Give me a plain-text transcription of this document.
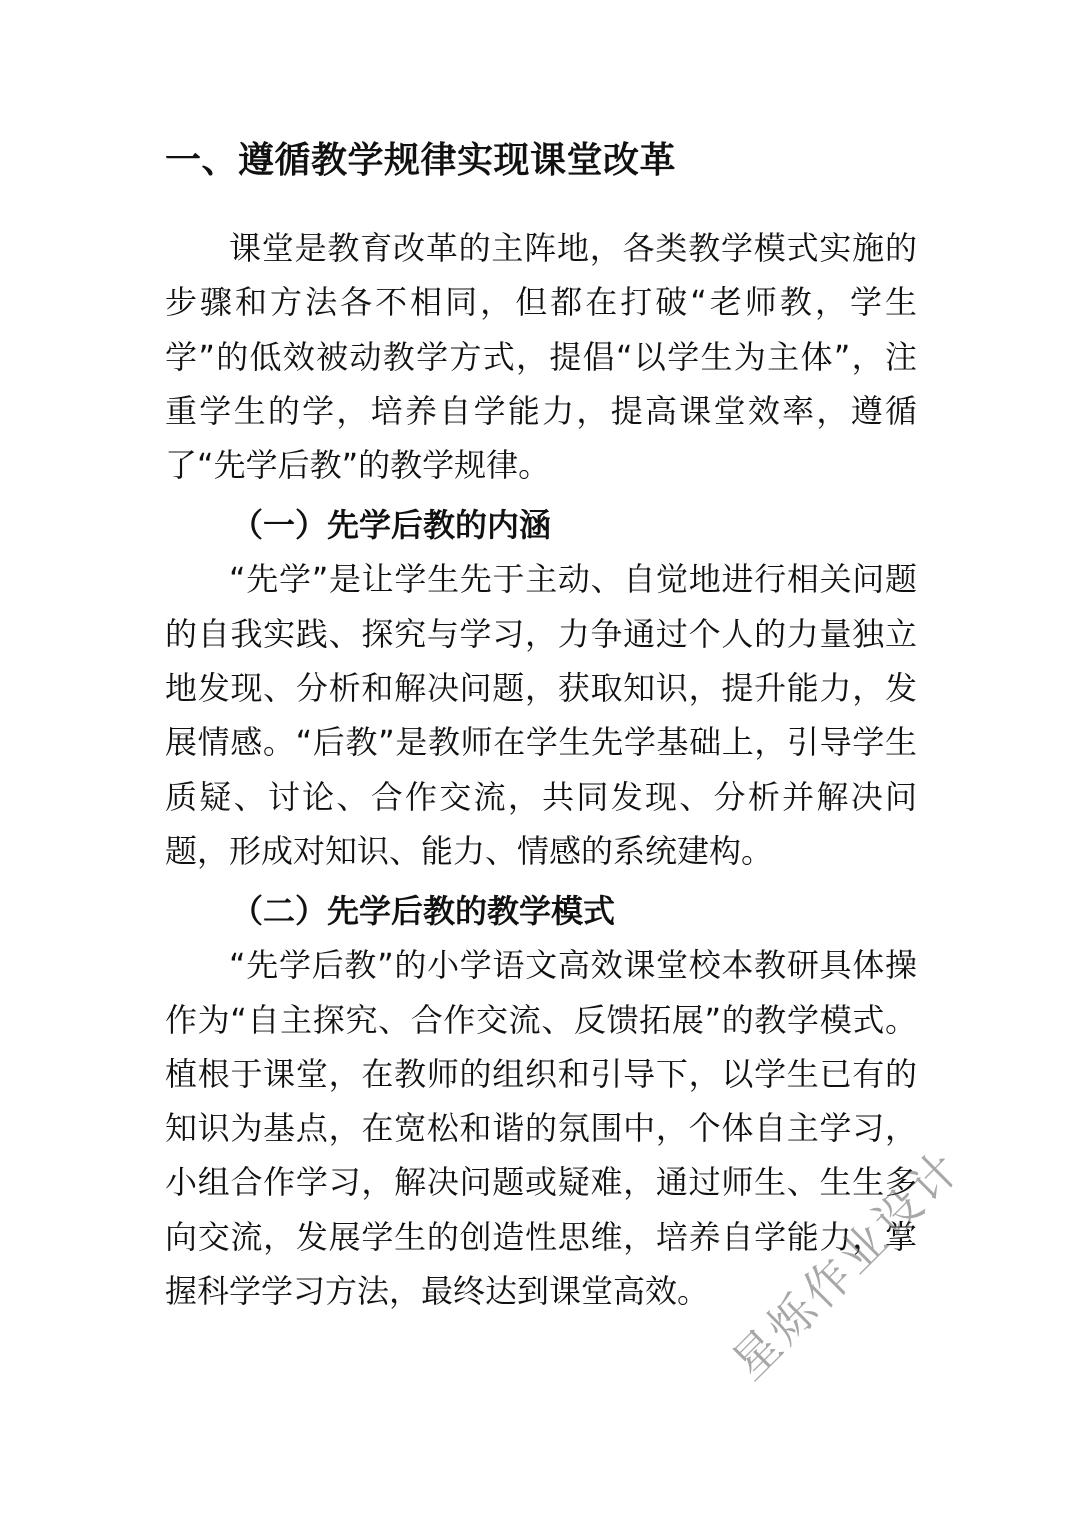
一、遵循教学规律实现课堂改革

课堂是教育改革的主阵地，各类教学模式实施的步骤和方法各不相同，但都在打破“老师教，学生学”的低效被动教学方式，提倡“以学生为主体”，注重学生的学，培养自学能力，提高课堂效率，遵循了“先学后教”的教学规律。

（一）先学后教的内涵

“先学”是让学生先于主动、自觉地进行相关问题的自我实践、探究与学习，力争通过个人的力量独立地发现、分析和解决问题，获取知识，提升能力，发展情感。“后教”是教师在学生先学基础上，引导学生质疑、讨论、合作交流，共同发现、分析并解决问题，形成对知识、能力、情感的系统建构。

（二）先学后教的教学模式

“先学后教”的小学语文高效课堂校本教研具体操作为“自主探究、合作交流、反馈拓展”的教学模式。植根于课堂，在教师的组织和引导下，以学生已有的知识为基点，在宽松和谐的氛围中，个体自主学习，小组合作学习，解决问题或疑难，通过师生、生生多向交流，发展学生的创造性思维，培养自学能力，掌握科学学习方法，最终达到课堂高效。 星烁作业设计
